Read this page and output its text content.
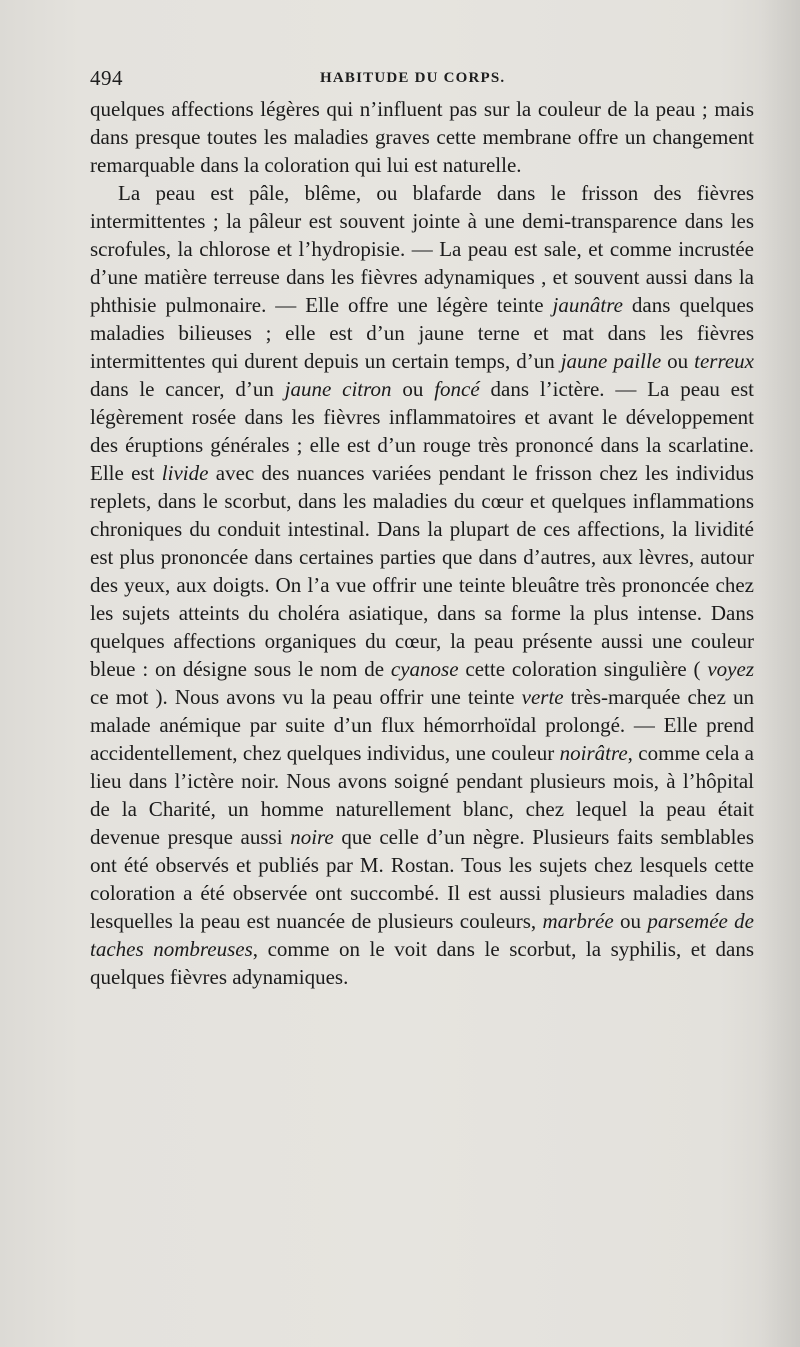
494	HABITUDE DU CORPS.

quelques affections légères qui n’influent pas sur la couleur de la peau ; mais dans presque toutes les maladies graves cette membrane offre un changement remarquable dans la coloration qui lui est naturelle.

La peau est pâle, blême, ou blafarde dans le frisson des fièvres intermittentes ; la pâleur est souvent jointe à une demi-transparence dans les scrofules, la chlorose et l’hydropisie. — La peau est sale, et comme incrustée d’une matière terreuse dans les fièvres adynamiques , et souvent aussi dans la phthisie pulmonaire. — Elle offre une légère teinte jaunâtre dans quelques maladies bilieuses ; elle est d’un jaune terne et mat dans les fièvres intermittentes qui durent depuis un certain temps, d’un jaune paille ou terreux dans le cancer, d’un jaune citron ou foncé dans l’ictère. — La peau est légèrement rosée dans les fièvres inflammatoires et avant le développement des éruptions générales ; elle est d’un rouge très prononcé dans la scarlatine. Elle est livide avec des nuances variées pendant le frisson chez les individus replets, dans le scorbut, dans les maladies du cœur et quelques inflammations chroniques du conduit intestinal. Dans la plupart de ces affections, la lividité est plus prononcée dans certaines parties que dans d’autres, aux lèvres, autour des yeux, aux doigts. On l’a vue offrir une teinte bleuâtre très prononcée chez les sujets atteints du choléra asiatique, dans sa forme la plus intense. Dans quelques affections organiques du cœur, la peau présente aussi une couleur bleue : on désigne sous le nom de cyanose cette coloration singulière ( voyez ce mot ). Nous avons vu la peau offrir une teinte verte très-marquée chez un malade anémique par suite d’un flux hémorrhoïdal prolongé. — Elle prend accidentellement, chez quelques individus, une couleur noirâtre, comme cela a lieu dans l’ictère noir. Nous avons soigné pendant plusieurs mois, à l’hôpital de la Charité, un homme naturellement blanc, chez lequel la peau était devenue presque aussi noire que celle d’un nègre. Plusieurs faits semblables ont été observés et publiés par M. Rostan. Tous les sujets chez lesquels cette coloration a été observée ont succombé. Il est aussi plusieurs maladies dans lesquelles la peau est nuancée de plusieurs couleurs, marbrée ou parsemée de taches nombreuses, comme on le voit dans le scorbut, la syphilis, et dans quelques fièvres adynamiques.
